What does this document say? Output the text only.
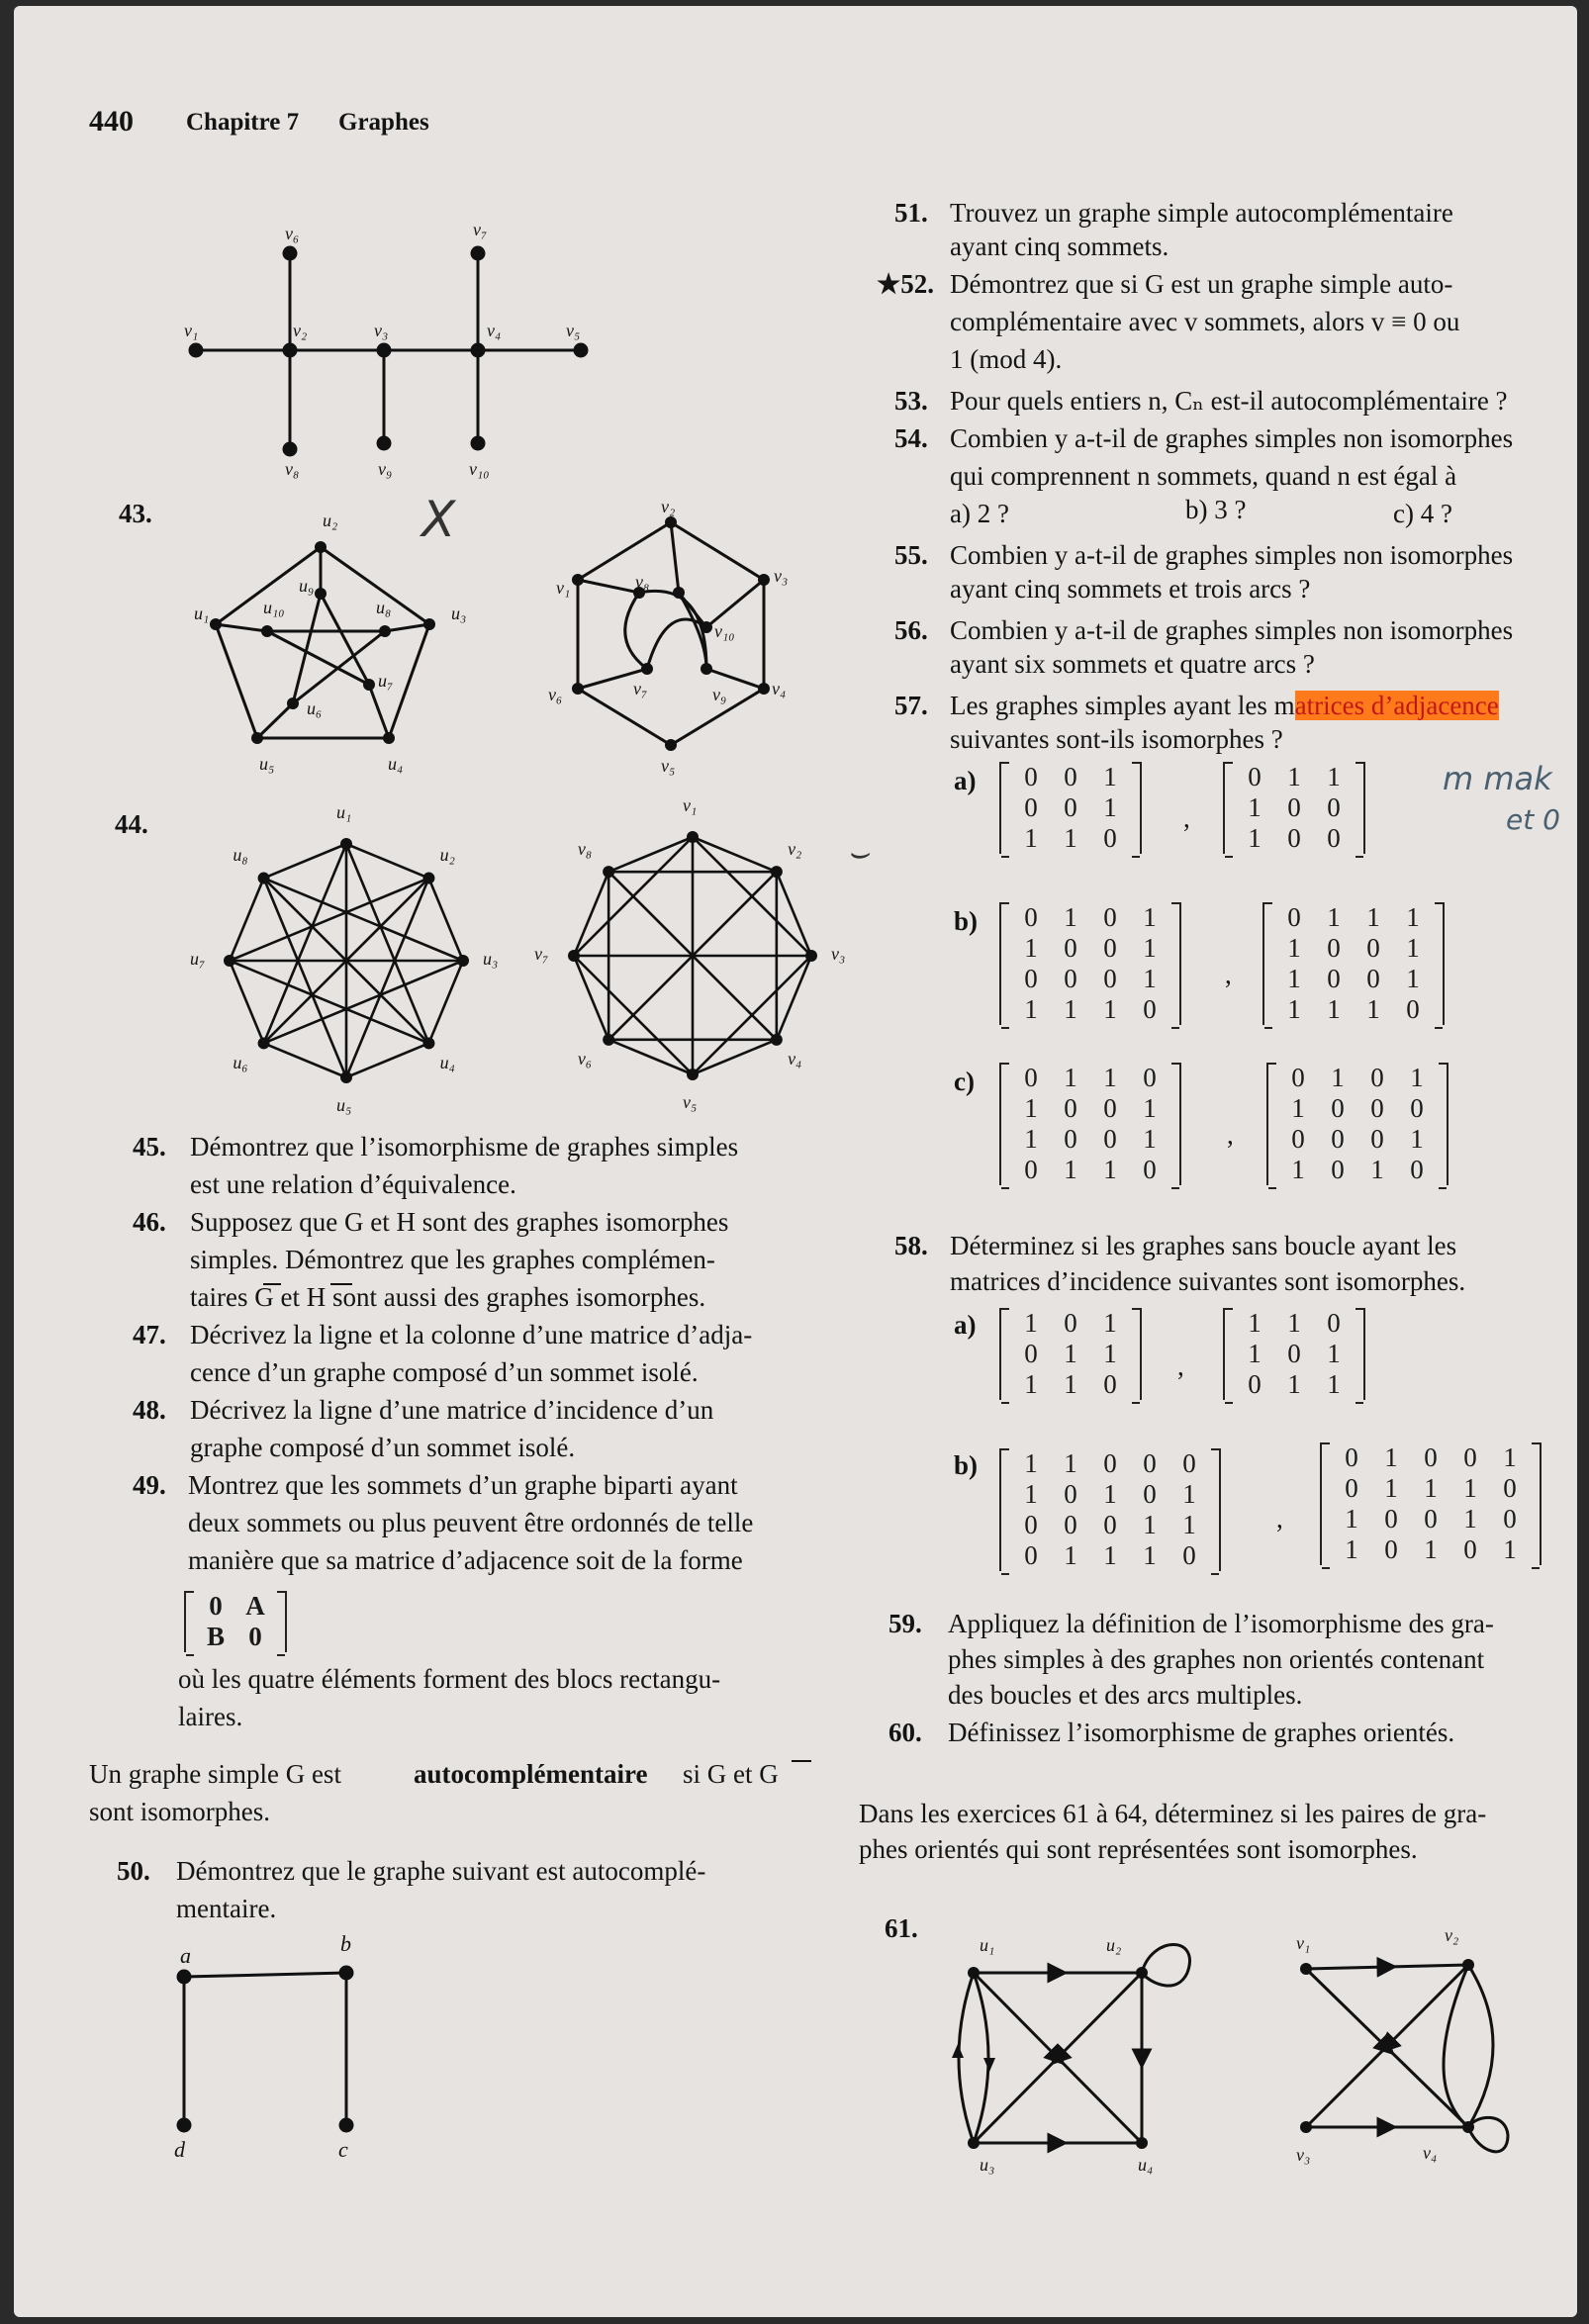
440 Chapitre 7 Graphes
v₁	v₂	v₃	v₄	v₅
v₆	v₇
v₈	v₉	v₁₀
43.	X
u₁
u₂
u₃
u₄
u₅
u₆
u₇
u₈
u₉
u₁₀
v₁
v₂
v₃
v₄
v₅
v₆	v₇
v₈
v₉
v₁₀
44.	u₁
u₂
u₃
u₄
u₅
u₆
u₇
u₈
v₁
v₂
v₃
v₄
v₅
v₆
v₇
v₈	⌣
45. Démontrez que l’isomorphisme de graphes simples
est une relation d’équivalence.
46. Supposez que G et H sont des graphes isomorphes
simples. Démontrez que les graphes complémen-
taires G et H sont aussi des graphes isomorphes.
47. Décrivez la ligne et la colonne d’une matrice d’adja-
cence d’un graphe composé d’un sommet isolé.
48. Décrivez la ligne d’une matrice d’incidence d’un
graphe composé d’un sommet isolé.
49. Montrez que les sommets d’un graphe biparti ayant
deux sommets ou plus peuvent être ordonnés de telle
manière que sa matrice d’adjacence soit de la forme
0	A
B	0
où les quatre éléments forment des blocs rectangu-
laires.
Un graphe simple G est	autocomplémentaire si G et G
sont isomorphes.
50. Démontrez que le graphe suivant est autocomplé-
mentaire.
a	b
c
d
51. Trouvez un graphe simple autocomplémentaire
ayant cinq sommets.
★52. Démontrez que si G est un graphe simple auto-
complémentaire avec v sommets, alors v ≡ 0 ou
1 (mod 4).
53. Pour quels entiers n, Cₙ est-il autocomplémentaire ?
54. Combien y a-t-il de graphes simples non isomorphes
qui comprennent n sommets, quand n est égal à
a) 2 ?	b) 3 ?	c) 4 ?
55. Combien y a-t-il de graphes simples non isomorphes
ayant cinq sommets et trois arcs ?
56. Combien y a-t-il de graphes simples non isomorphes
ayant six sommets et quatre arcs ?
57. Les graphes simples ayant les matrices d’adjacence
suivantes sont-ils isomorphes ?
m mak
et 0
a) 0	0	1
0	0	1
1	1	0
,
0	1	1
1	0	0
1	0	0
b) 0	1	0	1
1	0	0	1
0	0	0	1
1	1	1	0
,
0	1	1	1
1	0	0	1
1	0	0	1
1	1	1	0
c) 0	1	1	0
1	0	0	1
1	0	0	1
0	1	1	0
,
0	1	0	1
1	0	0	0
0	0	0	1
1	0	1	0
58. Déterminez si les graphes sans boucle ayant les
matrices d’incidence suivantes sont isomorphes.
a) 1	0	1
0	1	1
1	1	0
,
1	1	0
1	0	1
0	1	1
b) 1	1	0	0	0
1	0	1	0	1
0	0	0	1	1
0	1	1	1	0
,
0	1	0	0	1
0	1	1	1	0
1	0	0	1	0
1	0	1	0	1
59. Appliquez la définition de l’isomorphisme des gra-
phes simples à des graphes non orientés contenant
des boucles et des arcs multiples.
60. Définissez l’isomorphisme de graphes orientés.
Dans les exercices 61 à 64, déterminez si les paires de gra-
phes orientés qui sont représentées sont isomorphes.
61.
u₁	u₂
u₃	u₄
v₁	v₂
v₃	v₄
